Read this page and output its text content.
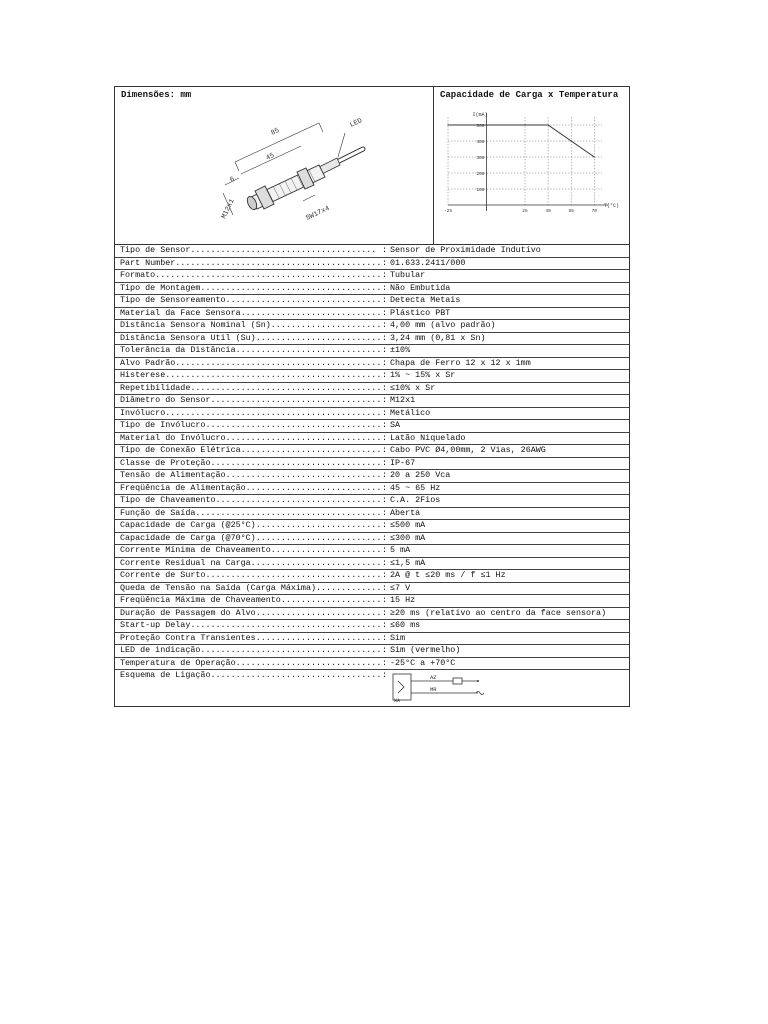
Dimensões: mm
85
45
6
M12x1	SW17x4
LED
Capacidade de Carga x Temperatura
100
200
300
400
500
-25	25	40	55	70
I(mA)
T(°C)
Tipo de Sensor..................................... : Sensor de Proximidade Indutivo
Part Number......................................... : 01.633.2411/000
Formato............................................. : Tubular
Tipo de Montagem.................................... : Não Embutida
Tipo de Sensoreamento............................... : Detecta Metais
Material da Face Sensora............................ : Plástico PBT
Distância Sensora Nominal (Sn)...................... : 4,00 mm (alvo padrão)
Distância Sensora Util (Su)......................... : 3,24 mm (0,81 x Sn)
Tolerância da Distância............................. : ±10%
Alvo Padrão......................................... : Chapa de Ferro 12 x 12 x 1mm
Histerese........................................... : 1% ~ 15% x Sr
Repetibilidade...................................... : ≤10% x Sr
Diâmetro do Sensor.................................. : M12x1
Invólucro........................................... : Metálico
Tipo de Invólucro................................... : SA
Material do Invólucro............................... : Latão Niquelado
Tipo de Conexão Elétrica............................ : Cabo PVC Ø4,00mm, 2 Vias, 26AWG
Classe de Proteção.................................. : IP-67
Tensão de Alimentação............................... : 20 a 250 Vca
Freqüência de Alimentação........................... : 45 ~ 65 Hz
Tipo de Chaveamento................................. : C.A. 2Fios
Função de Saída..................................... : Aberta
Capacidade de Carga (@25°C)......................... : ≤500 mA
Capacidade de Carga (@70°C)......................... : ≤300 mA
Corrente Mínima de Chaveamento...................... : 5 mA
Corrente Residual na Carga.......................... : ≤1,5 mA
Corrente de Surto................................... : 2A @ t ≤20 ms / f ≤1 Hz
Queda de Tensão na Saída (Carga Máxima)............. : ≤7 V
Freqüência Máxima de Chaveamento.................... : 15 Hz
Duração de Passagem do Alvo......................... : ≥20 ms (relativo ao centro da face sensora)
Start-up Delay...................................... : ≤60 ms
Proteção Contra Transientes......................... : Sim
LED de indicação.................................... : Sim (vermelho)
Temperatura de Operação............................. : -25°C a +70°C
Esquema de Ligação.................................. :	AZ
MR
WA
